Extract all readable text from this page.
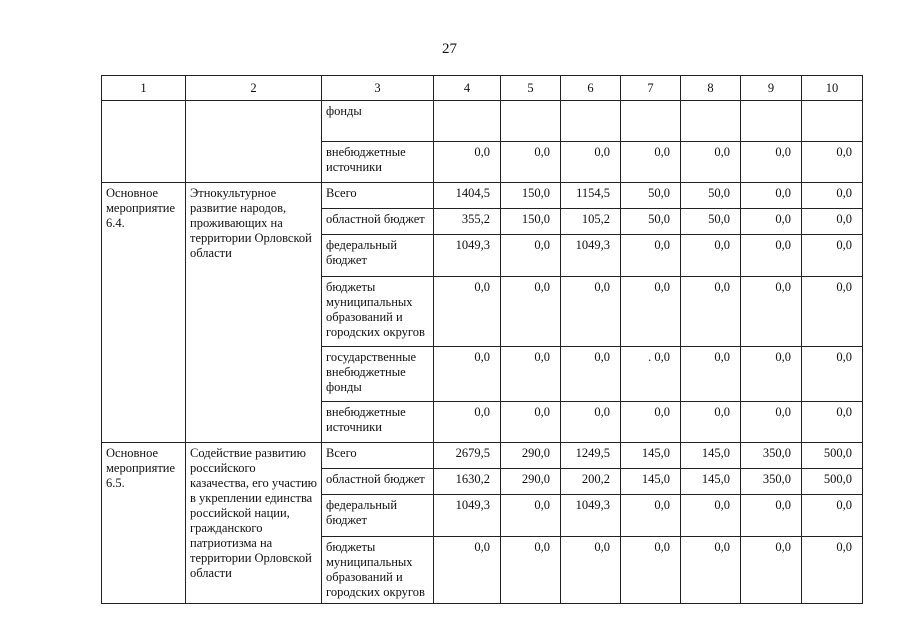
27
1	2	3	4	5	6	7	8	9	10
		фонды							
		внебюджетные источники	0,0	0,0	0,0	0,0	0,0	0,0	0,0
Основное мероприятие 6.4.	Этнокультурное развитие народов, проживающих на территории Орловской области	Всего	1404,5	150,0	1154,5	50,0	50,0	0,0	0,0
		областной бюджет	355,2	150,0	105,2	50,0	50,0	0,0	0,0
		федеральный бюджет	1049,3	0,0	1049,3	0,0	0,0	0,0	0,0
		бюджеты муниципальных образований и городских округов	0,0	0,0	0,0	0,0	0,0	0,0	0,0
		государственные внебюджетные фонды	0,0	0,0	0,0	. 0,0	0,0	0,0	0,0
		внебюджетные источники	0,0	0,0	0,0	0,0	0,0	0,0	0,0
Основное мероприятие 6.5.	Содействие развитию российского казачества, его участию в укреплении единства российской нации, гражданского патриотизма на территории Орловской области	Всего	2679,5	290,0	1249,5	145,0	145,0	350,0	500,0
		областной бюджет	1630,2	290,0	200,2	145,0	145,0	350,0	500,0
		федеральный бюджет	1049,3	0,0	1049,3	0,0	0,0	0,0	0,0
		бюджеты муниципальных образований и городских округов	0,0	0,0	0,0	0,0	0,0	0,0	0,0
